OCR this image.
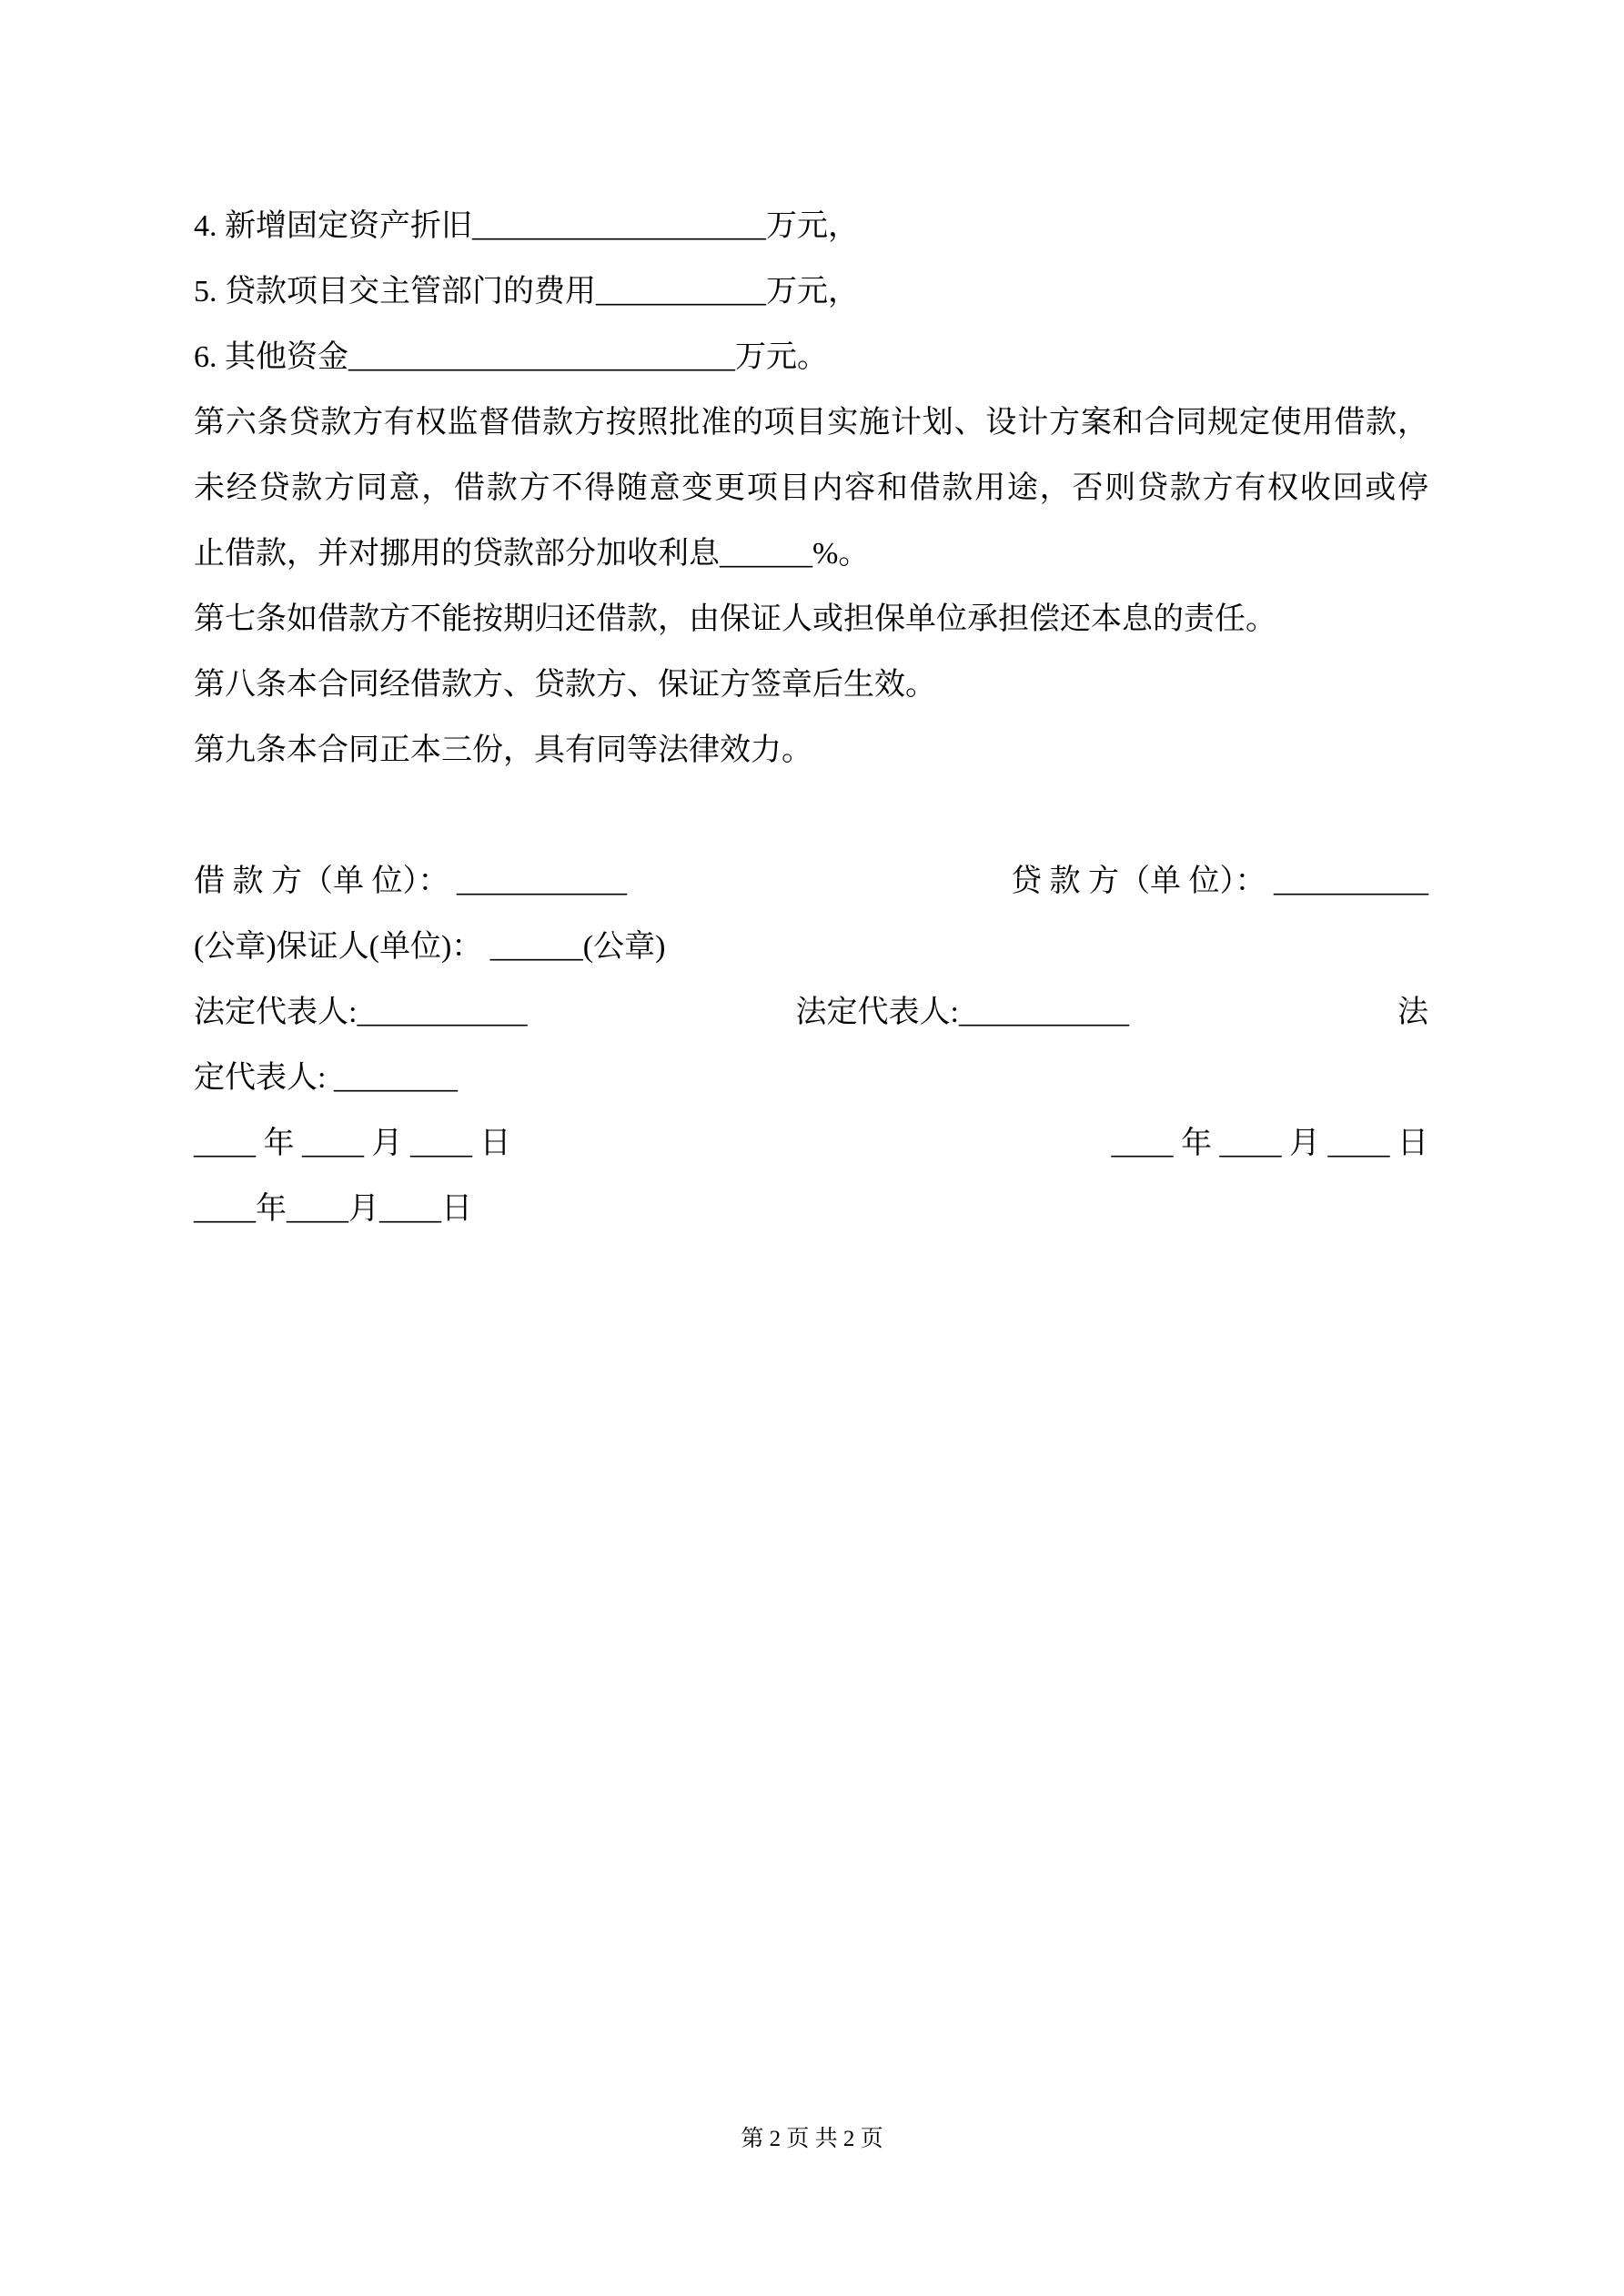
4. 新增固定资产折旧___________________万元，
5. 贷款项目交主管部门的费用___________万元，
6. 其他资金_________________________万元。
第六条贷款方有权监督借款方按照批准的项目实施计划、设计方案和合同规定使用借款，
未经贷款方同意，借款方不得随意变更项目内容和借款用途，否则贷款方有权收回或停
止借款，并对挪用的贷款部分加收利息______%。
第七条如借款方不能按期归还借款，由保证人或担保单位承担偿还本息的责任。
第八条本合同经借款方、贷款方、保证方签章后生效。
第九条本合同正本三份，具有同等法律效力。
借 款 方（单 位）： ___________	贷 款 方（单 位）： __________
(公章)保证人(单位)： ______(公章)
法定代表人:___________	法定代表人:___________	法
定代表人: ________
____ 年 ____ 月 ____ 日	____ 年 ____ 月 ____ 日
____年____月____日
第 2 页 共 2 页
